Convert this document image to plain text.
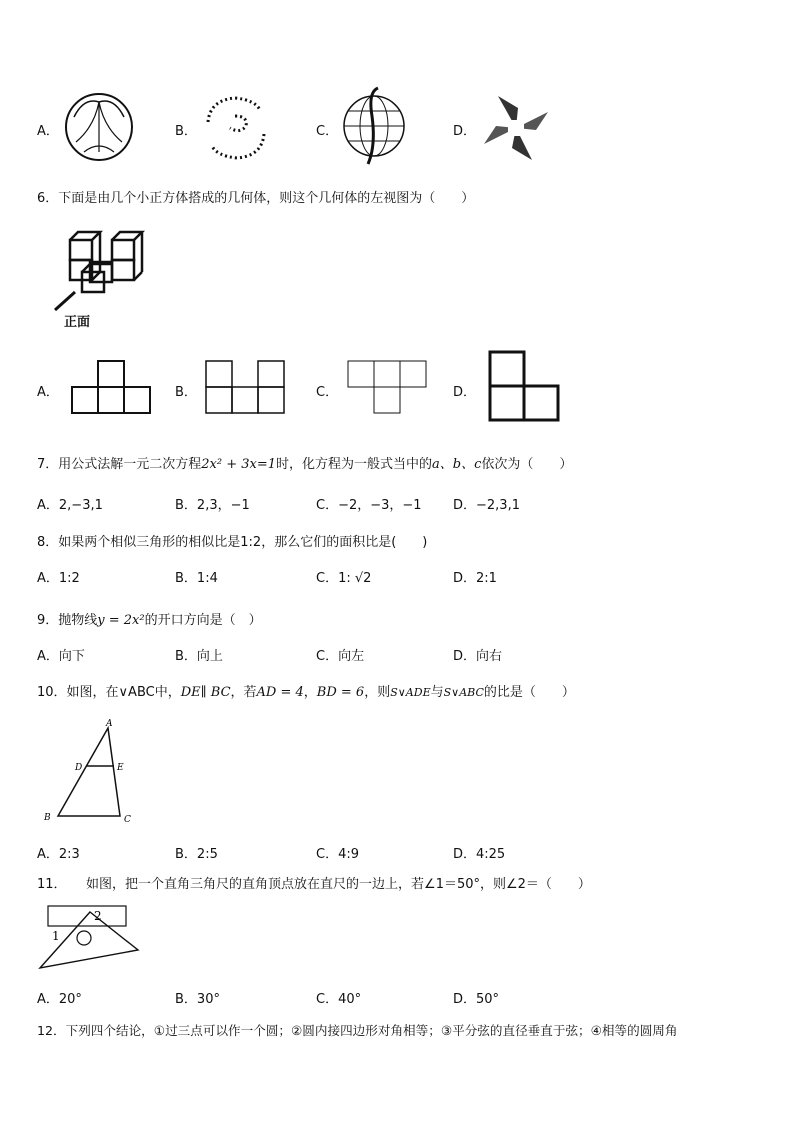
A．	B．	C．	D．
6．下面是由几个小正方体搭成的几何体，则这个几何体的左视图为（　　）
正面
A．	B．	C．	D．
7．用公式法解一元二次方程2x² + 3x=1时，化方程为一般式当中的a、b、c依次为（　　）
A．2,−3,1	B．2,3，−1	C．−2，−3，−1 D．−2,3,1
8．如果两个相似三角形的相似比是1:2，那么它们的面积比是(　　)
A．1:2	B．1:4	C．1: √2	D．2:1
9．抛物线y = 2x²的开口方向是（　）
A．向下	B．向上	C．向左	D．向右
10．如图，在∨ABC中，DE∥ BC，若AD = 4，BD = 6，则S∨ADE与S∨ABC的比是（　　）
A
D	E
B	C
A．2:3	B．2:5	C．4:9	D．4:25
11．　　如图，把一个直角三角尺的直角顶点放在直尺的一边上，若∠1＝50°，则∠2＝（　　）
1
2
A．20°	B．30°	C．40°	D．50°
12．下列四个结论，①过三点可以作一个圆；②圆内接四边形对角相等；③平分弦的直径垂直于弦；④相等的圆周角
